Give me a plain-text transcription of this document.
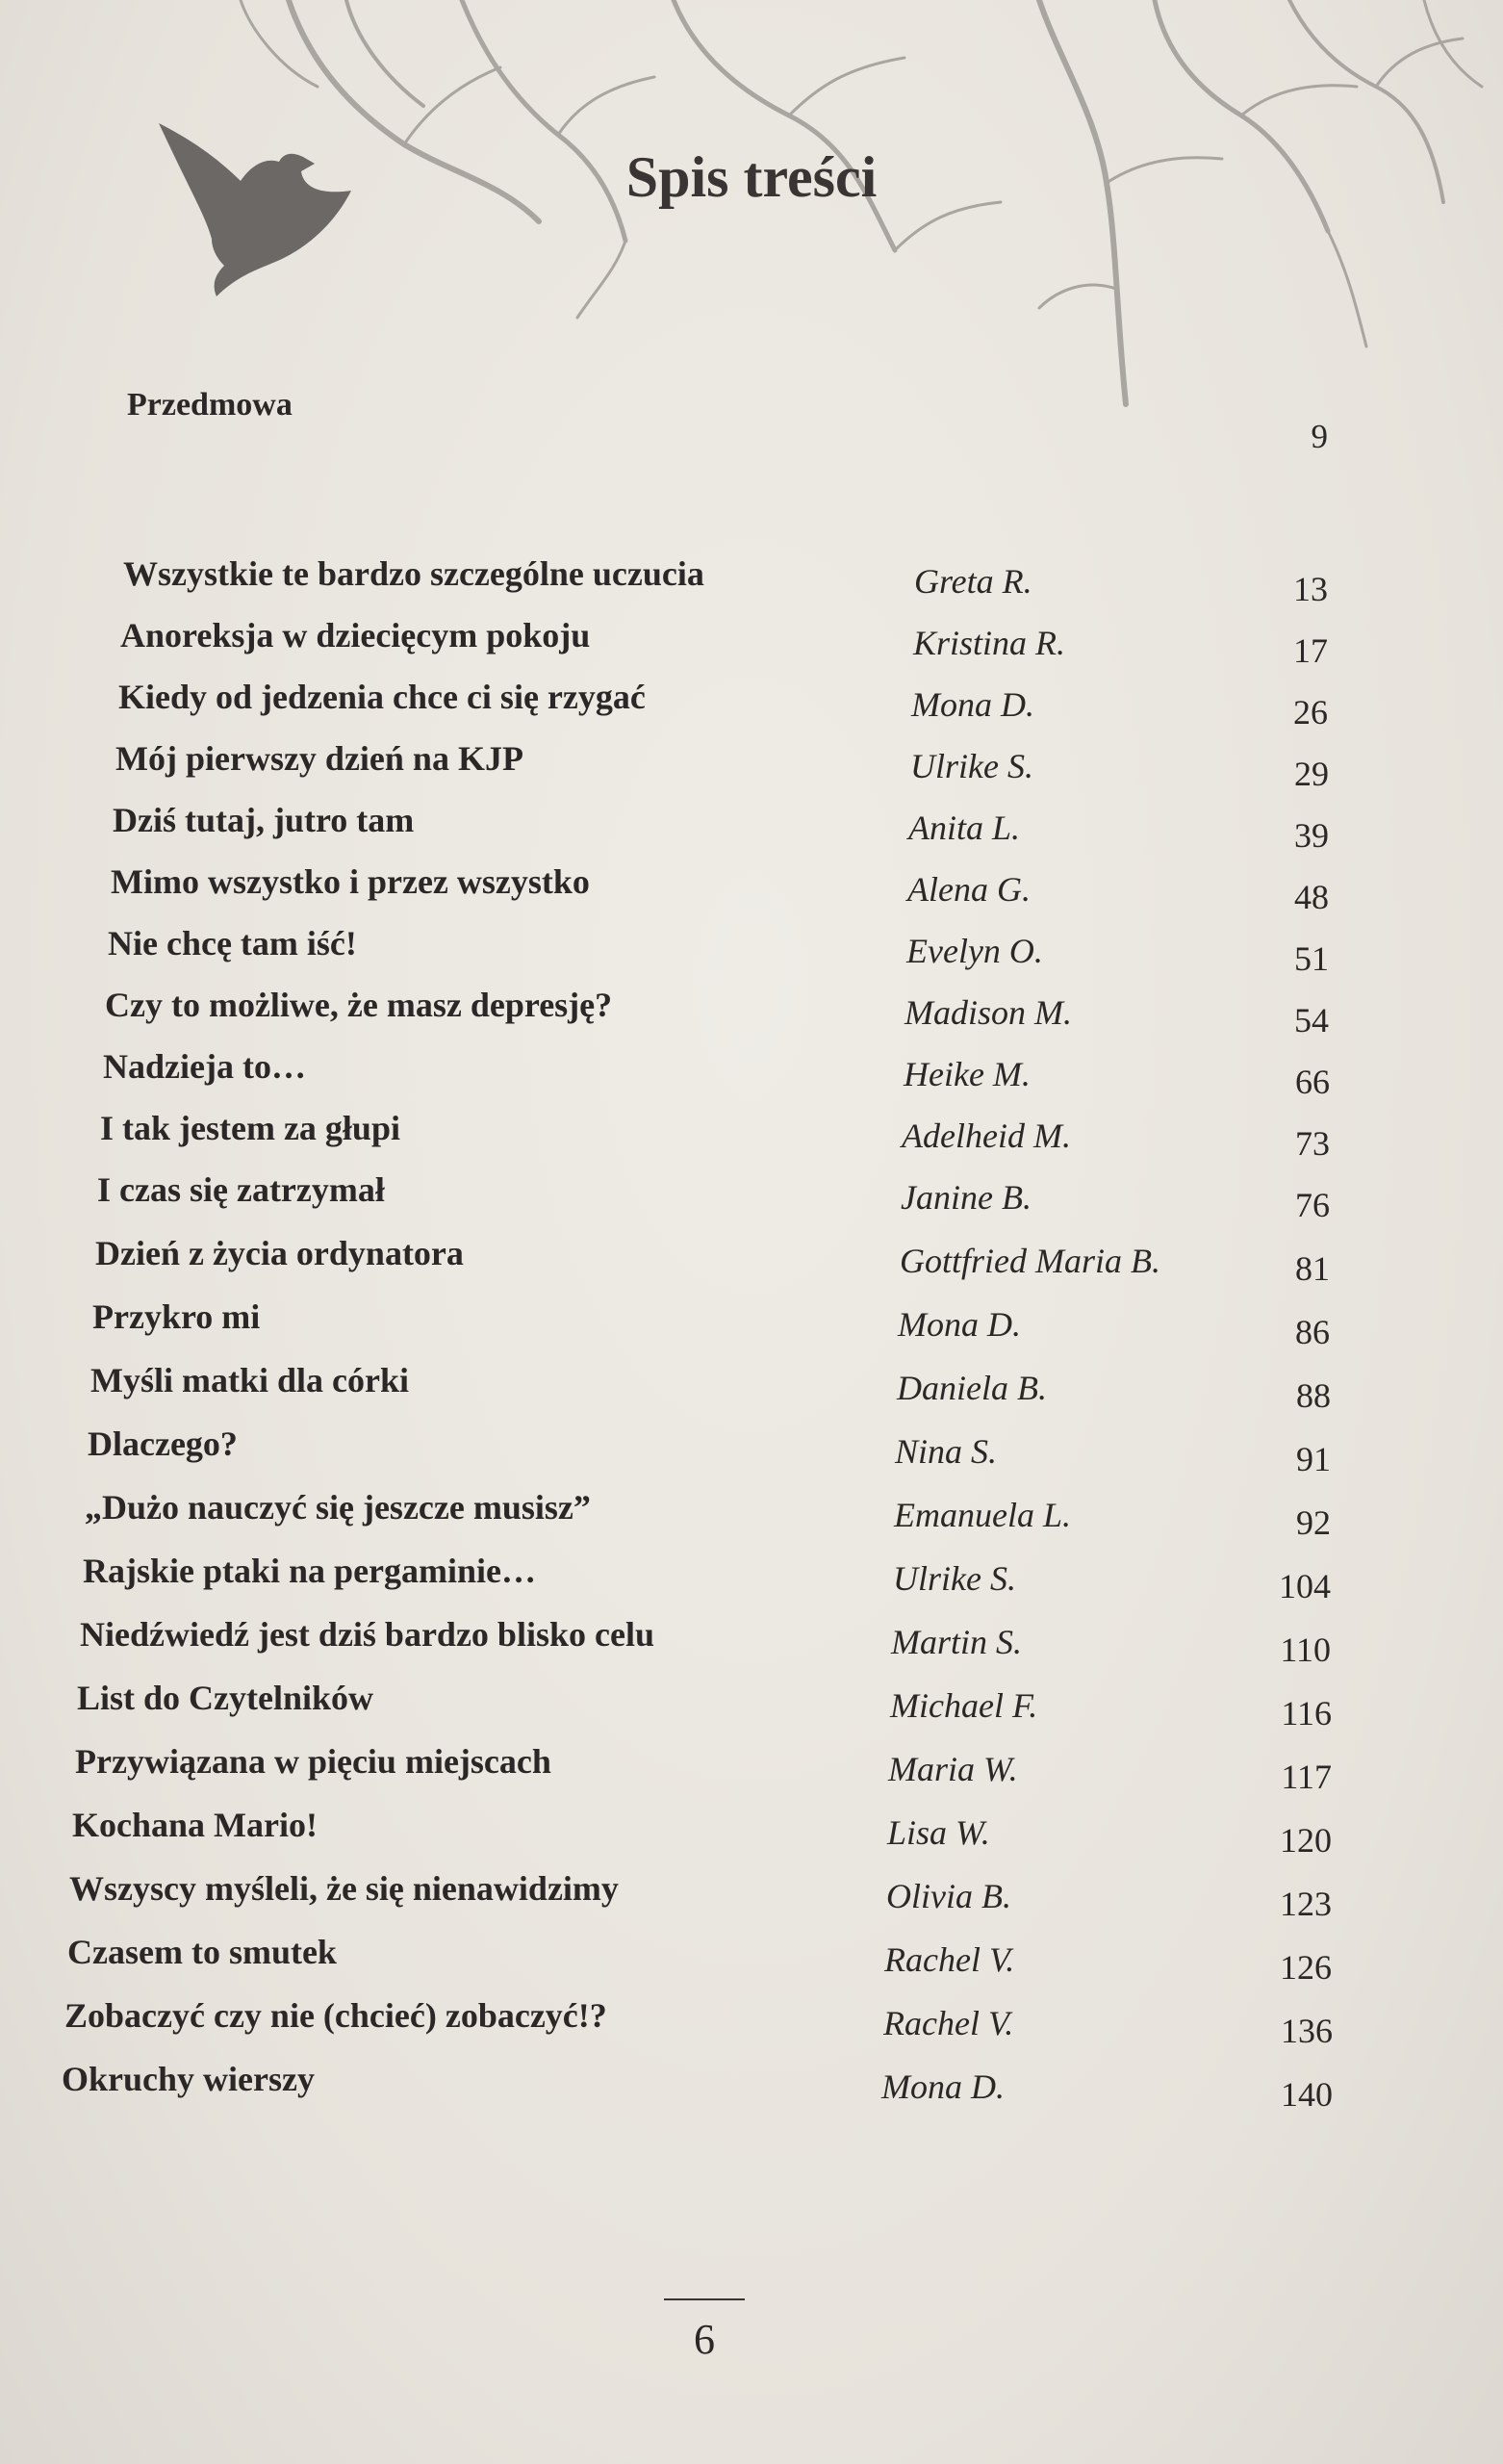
Spis treści
Przedmowa
9
Wszystkie te bardzo szczególne uczucia	Greta R.	13
Anoreksja w dziecięcym pokoju	Kristina R.	17
Kiedy od jedzenia chce ci się rzygać	Mona D.	26
Mój pierwszy dzień na KJP	Ulrike S.	29
Dziś tutaj, jutro tam	Anita L.	39
Mimo wszystko i przez wszystko	Alena G.	48
Nie chcę tam iść!	Evelyn O.	51
Czy to możliwe, że masz depresję?	Madison M.	54
Nadzieja to…	Heike M.	66
I tak jestem za głupi	Adelheid M.	73
I czas się zatrzymał	Janine B.	76
Dzień z życia ordynatora	Gottfried Maria B.	81
Przykro mi	Mona D.	86
Myśli matki dla córki	Daniela B.	88
Dlaczego?	Nina S.	91
„Dużo nauczyć się jeszcze musisz”	Emanuela L.	92
Rajskie ptaki na pergaminie…	Ulrike S.	104
Niedźwiedź jest dziś bardzo blisko celu	Martin S.	110
List do Czytelników	Michael F.	116
Przywiązana w pięciu miejscach	Maria W.	117
Kochana Mario!	Lisa W.	120
Wszyscy myśleli, że się nienawidzimy	Olivia B.	123
Czasem to smutek	Rachel V.	126
Zobaczyć czy nie (chcieć) zobaczyć!?	Rachel V.	136
Okruchy wierszy	Mona D.	140
6
